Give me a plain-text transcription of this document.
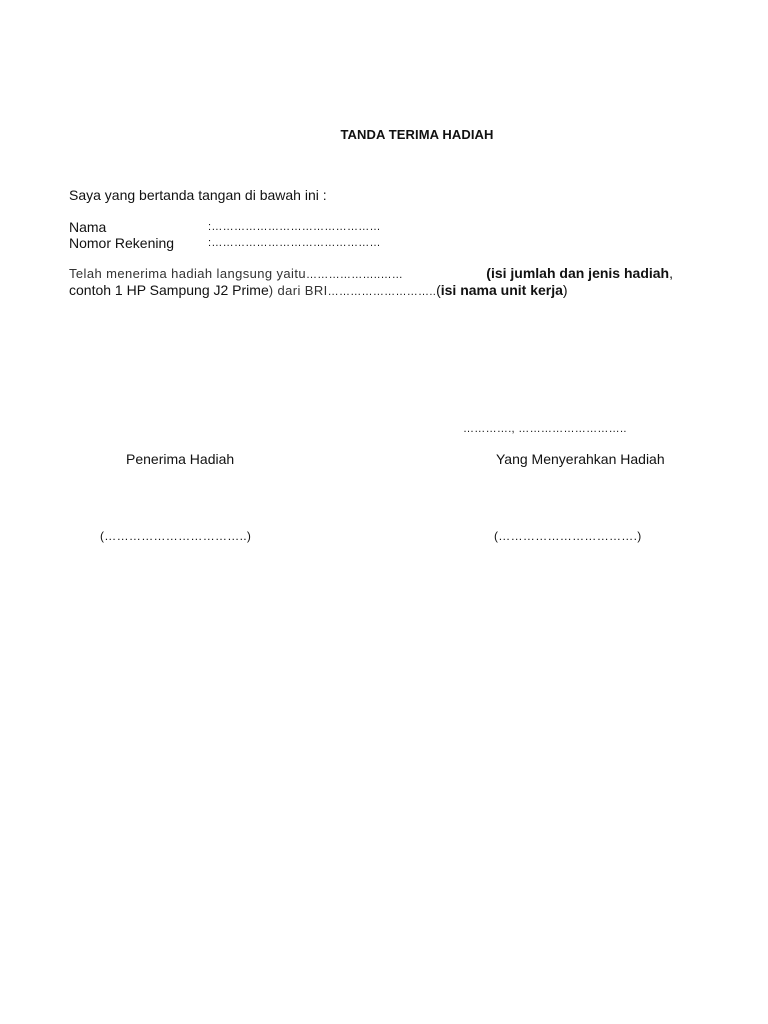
TANDA TERIMA HADIAH
Saya yang bertanda tangan di bawah ini :
Nama	:………………………………………
Nomor Rekening	:………………………………………
Telah menerima hadiah langsung yaitu ………………..……	(isi jumlah dan jenis hadiah ,
contoh 1 HP Sampung J2 Prime) dari BRI………………………..(isi nama unit kerja)
…………., ………………………..
Penerima Hadiah	Yang Menyerahkan Hadiah
(……………………………..)	(…………………………….)
